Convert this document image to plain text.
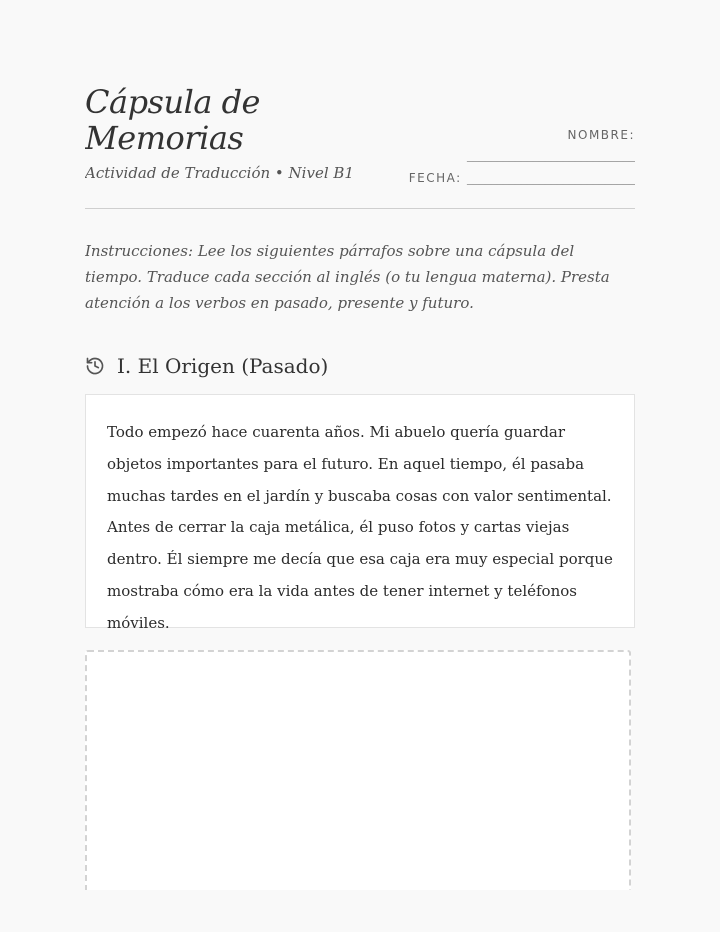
Cápsula de Memorias
Actividad de Traducción • Nivel B1
NOMBRE:
____________________________
FECHA: ____________________________

Instrucciones: Lee los siguientes párrafos sobre una cápsula del tiempo. Traduce cada sección al inglés (o tu lengua materna). Presta atención a los verbos en pasado, presente y futuro.

I. El Origen (Pasado)

Todo empezó hace cuarenta años. Mi abuelo quería guardar objetos importantes para el futuro. En aquel tiempo, él pasaba muchas tardes en el jardín y buscaba cosas con valor sentimental. Antes de cerrar la caja metálica, él puso fotos y cartas viejas dentro. Él siempre me decía que esa caja era muy especial porque mostraba cómo era la vida antes de tener internet y teléfonos móviles.
